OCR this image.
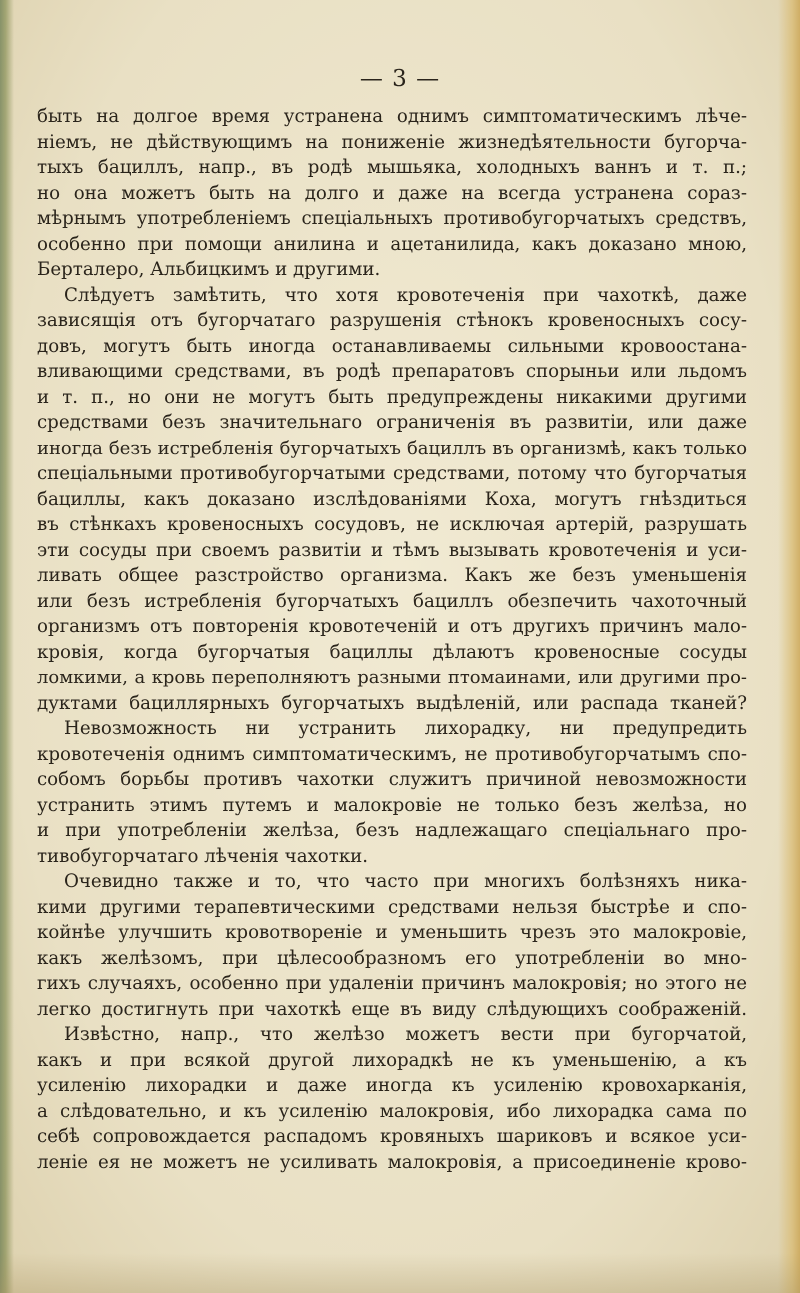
— 3 —
быть на долгое время устранена однимъ симптоматическимъ лѣче-
ніемъ, не дѣйствующимъ на пониженіе жизнедѣятельности бугорча-
тыхъ бациллъ, напр., въ родѣ мышьяка, холодныхъ ваннъ и т. п.;
но она можетъ быть на долго и даже на всегда устранена сораз-
мѣрнымъ употребленіемъ спеціальныхъ противобугорчатыхъ средствъ,
особенно при помощи анилина и ацетанилида, какъ доказано мною,
Берталеро, Альбицкимъ и другими.
Слѣдуетъ замѣтить, что хотя кровотеченія при чахоткѣ, даже
зависящія отъ бугорчатаго разрушенія стѣнокъ кровеносныхъ сосу-
довъ, могутъ быть иногда останавливаемы сильными кровоостана-
вливающими средствами, въ родѣ препаратовъ спорыньи или льдомъ
и т. п., но они не могутъ быть предупреждены никакими другими
средствами безъ значительнаго ограниченія въ развитіи, или даже
иногда безъ истребленія бугорчатыхъ бациллъ въ организмѣ, какъ только
спеціальными противобугорчатыми средствами, потому что бугорчатыя
бациллы, какъ доказано изслѣдованіями Коха, могутъ гнѣздиться
въ стѣнкахъ кровеносныхъ сосудовъ, не исключая артерій, разрушать
эти сосуды при своемъ развитіи и тѣмъ вызывать кровотеченія и уси-
ливать общее разстройство организма. Какъ же безъ уменьшенія
или безъ истребленія бугорчатыхъ бациллъ обезпечить чахоточный
организмъ отъ повторенія кровотеченій и отъ другихъ причинъ мало-
кровія, когда бугорчатыя бациллы дѣлаютъ кровеносные сосуды
ломкими, а кровь переполняютъ разными птомаинами, или другими про-
дуктами бациллярныхъ бугорчатыхъ выдѣленій, или распада тканей?
Невозможность ни устранить лихорадку, ни предупредить
кровотеченія однимъ симптоматическимъ, не противобугорчатымъ спо-
собомъ борьбы противъ чахотки служитъ причиной невозможности
устранить этимъ путемъ и малокровіе не только безъ желѣза, но
и при употребленіи желѣза, безъ надлежащаго спеціальнаго про-
тивобугорчатаго лѣченія чахотки.
Очевидно также и то, что часто при многихъ болѣзняхъ ника-
кими другими терапевтическими средствами нельзя быстрѣе и спо-
койнѣе улучшить кровотвореніе и уменьшить чрезъ это малокровіе,
какъ желѣзомъ, при цѣлесообразномъ его употребленіи во мно-
гихъ случаяхъ, особенно при удаленіи причинъ малокровія; но этого не
легко достигнуть при чахоткѣ еще въ виду слѣдующихъ соображеній.
Извѣстно, напр., что желѣзо можетъ вести при бугорчатой,
какъ и при всякой другой лихорадкѣ не къ уменьшенію, а къ
усиленію лихорадки и даже иногда къ усиленію кровохарканія,
а слѣдовательно, и къ усиленію малокровія, ибо лихорадка сама по
себѣ сопровождается распадомъ кровяныхъ шариковъ и всякое уси-
леніе ея не можетъ не усиливать малокровія, а присоединеніе крово-
